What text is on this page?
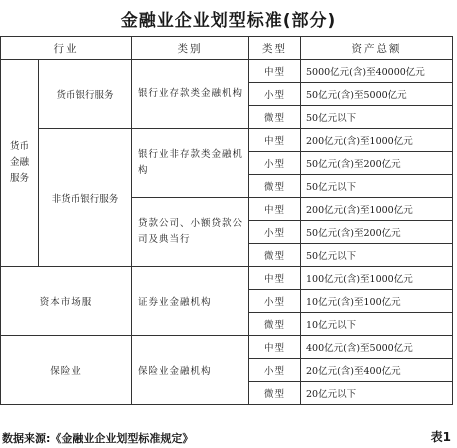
金融业企业划型标准(部分)
行业		类别	类型	资产总额

货币金融服务	货币银行服务	银行业存款类金融机构	中型	5000亿元(含)至40000亿元
			小型	50亿元(含)至5000亿元
			微型	50亿元以下
	非货币银行服务	银行业非存款类金融机构	中型	200亿元(含)至1000亿元
			小型	50亿元(含)至200亿元
			微型	50亿元以下
		贷款公司、小额贷款公司及典当行	中型	200亿元(含)至1000亿元
			小型	50亿元(含)至200亿元
			微型	50亿元以下
资本市场服		证券业金融机构	中型	100亿元(含)至1000亿元
			小型	10亿元(含)至100亿元
			微型	10亿元以下
保险业		保险业金融机构	中型	400亿元(含)至5000亿元
			小型	20亿元(含)至400亿元
			微型	20亿元以下
数据来源:《金融业企业划型标准规定》	表1
